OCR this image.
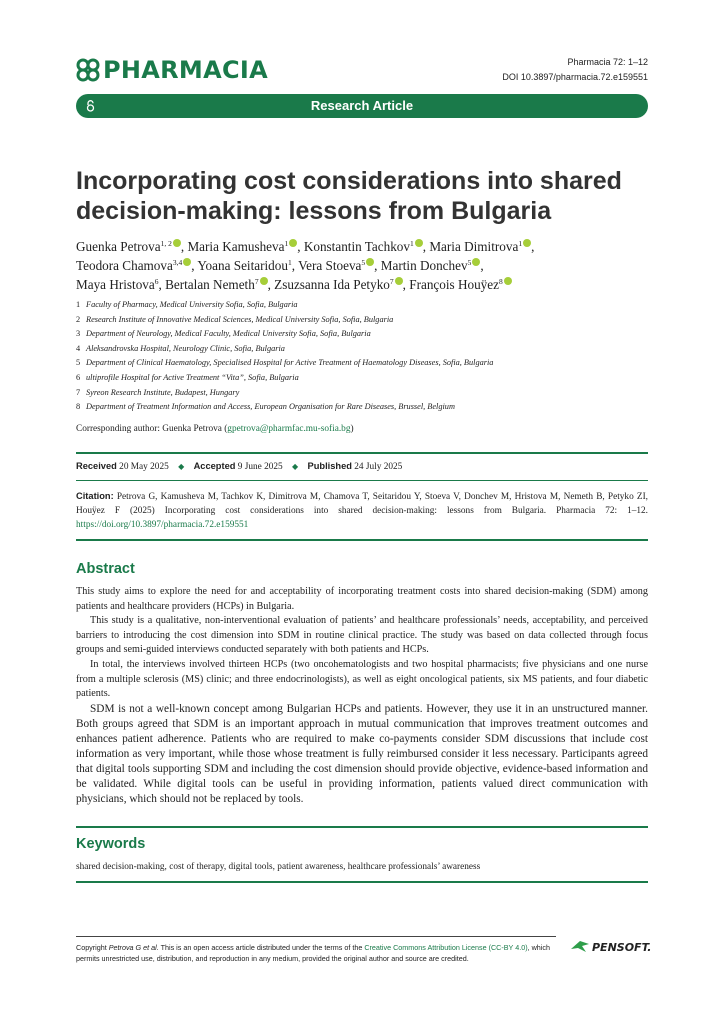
PHARMACIA	Pharmacia 72: 1–12
DOI 10.3897/pharmacia.72.e159551
Research Article
Incorporating cost considerations into shared
decision-making: lessons from Bulgaria
Guenka Petrova$^{1, 2}$ , Maria Kamusheva$^1$ , Konstantin Tachkov$^1$ , Maria Dimitrova$^1$ ,
Teodora Chamova$^{3,4}$ , Yoana Seitaridou$^1$, Vera Stoeva$^5$ , Martin Donchev$^5$ ,
Maya Hristova$^6$, Bertalan Nemeth$^7$ , Zsuzsanna Ida Petyko$^7$ , François Houÿez$^8$
1 Faculty of Pharmacy, Medical University Sofia, Sofia, Bulgaria
2 Research Institute of Innovative Medical Sciences, Medical University Sofia, Sofia, Bulgaria
3 Department of Neurology, Medical Faculty, Medical University Sofia, Sofia, Bulgaria
4 Aleksandrovska Hospital, Neurology Clinic, Sofia, Bulgaria
5 Department of Clinical Haematology, Specialised Hospital for Active Treatment of Haematology Diseases, Sofia, Bulgaria
6 ultiprofile Hospital for Active Treatment “Vita”, Sofia, Bulgaria
7 Syreon Research Institute, Budapest, Hungary
8 Department of Treatment Information and Access, European Organisation for Rare Diseases, Brussel, Belgium
Corresponding author: Guenka Petrova (gpetrova@pharmfac.mu-sofia.bg)
Received 20 May 2025 ◆ Accepted 9 June 2025 ◆ Published 24 July 2025
Citation: Petrova G, Kamusheva M, Tachkov K, Dimitrova M, Chamova T, Seitaridou Y, Stoeva V, Donchev M, Hristova M, Nemeth B, Petyko ZI, Houÿez F (2025) Incorporating cost considerations into shared decision-making: lessons from Bulgaria. Pharmacia 72: 1–12. https://doi.org/10.3897/pharmacia.72.e159551
Abstract

This study aims to explore the need for and acceptability of incorporating treatment costs into shared decision-making (SDM) among patients and healthcare providers (HCPs) in Bulgaria.

This study is a qualitative, non-interventional evaluation of patients’ and healthcare professionals’ needs, acceptability, and perceived barriers to introducing the cost dimension into SDM in routine clinical practice. The study was based on data collected through focus groups and semi-guided interviews conducted separately with both patients and HCPs.

In total, the interviews involved thirteen HCPs (two oncohematologists and two hospital pharmacists; five physicians and one nurse from a multiple sclerosis (MS) clinic; and three endocrinologists), as well as eight oncological patients, six MS patients, and four diabetic patients.

SDM is not a well-known concept among Bulgarian HCPs and patients. However, they use it in an unstructured manner. Both groups agreed that SDM is an important approach in mutual communication that improves treatment outcomes and enhances patient adherence. Patients who are required to make co-payments consider SDM discussions that include cost information as very important, while those whose treatment is fully reimbursed consider it less necessary. Participants agreed that digital tools supporting SDM and including the cost dimension should provide objective, evidence-based information and be validated. While digital tools can be useful in providing information, patients valued direct communication with physicians, which should not be replaced by tools.

Keywords
shared decision-making, cost of therapy, digital tools, patient awareness, healthcare professionals’ awareness
Copyright Petrova G et al. This is an open access article distributed under the terms of the Creative Commons Attribution License (CC-BY 4.0), which permits unrestricted use, distribution, and reproduction in any medium, provided the original author and source are credited.
PENSOFT.
